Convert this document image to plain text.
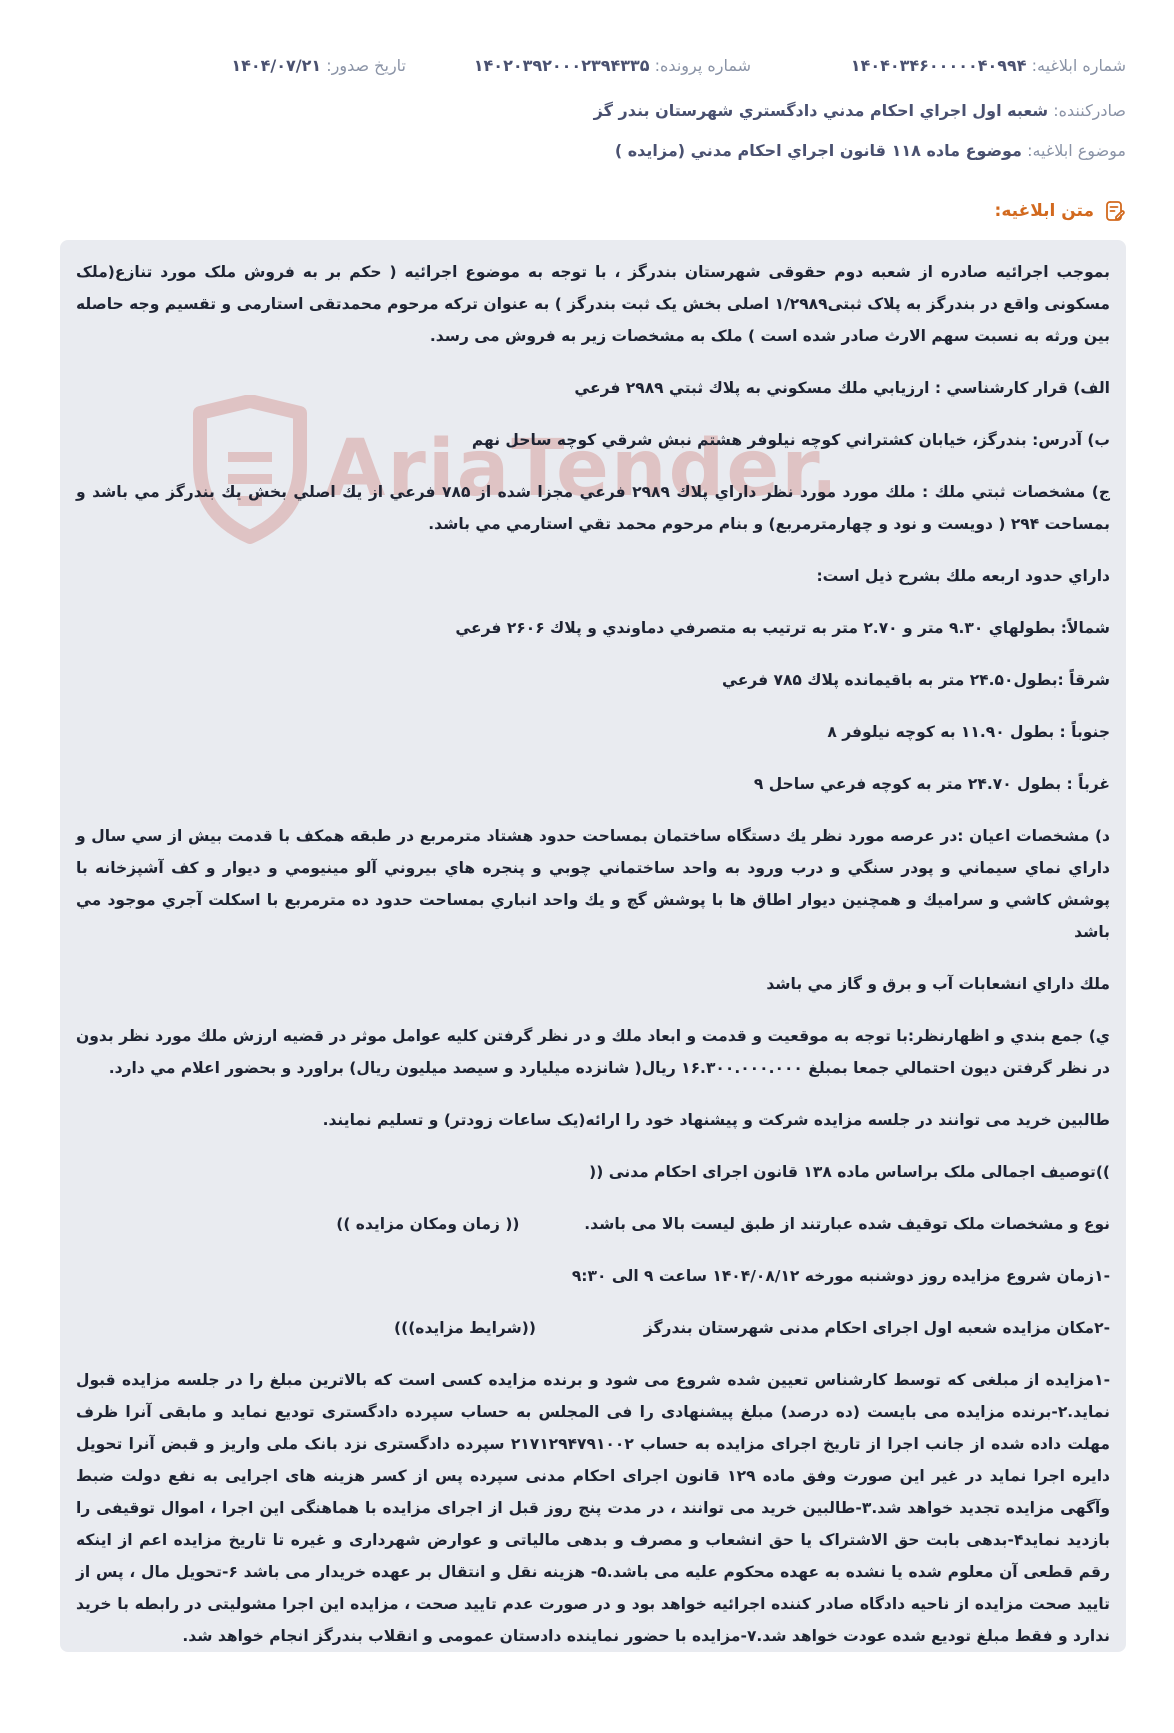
شماره ابلاغيه: ۱۴۰۴۰۳۴۶۰۰۰۰۰۴۰۹۹۴
شماره پرونده: ۱۴۰۲۰۳۹۲۰۰۰۲۳۹۴۳۳۵
تاريخ صدور: ۱۴۰۴/۰۷/۲۱
صادرکننده: شعبه اول اجراي احکام مدني دادگستري شهرستان بندر گز
موضوع ابلاغيه: موضوع ماده ۱۱۸ قانون اجراي احكام مدني (مزايده )
متن ابلاغيه:
AriaTender

بموجب اجرائيه صادره از شعبه دوم حقوقی شهرستان بندرگز ، با توجه به موضوع اجرائيه ( حکم بر به فروش ملک مورد تنازع(ملک مسکونی واقع در بندرگز به پلاک ثبتی۱/۲۹۸۹ اصلی بخش يک ثبت بندرگز ) به عنوان ترکه مرحوم محمدتقی استارمی و تقسيم وجه حاصله بين ورثه به نسبت سهم الارث صادر شده است ) ملک به مشخصات زير به فروش می رسد.

الف) قرار كارشناسي : ارزيابي ملك مسكوني به پلاك ثبتي ۲۹۸۹ فرعي

ب) آدرس: بندرگز، خيابان كشتراني كوچه نيلوفر هشتم نبش شرقي كوچه ساحل نهم

ج) مشخصات ثبتي ملك : ملك مورد مورد نظر داراي پلاك ۲۹۸۹ فرعي مجزا شده از ۷۸۵ فرعي از يك اصلي بخش يك بندرگز مي باشد و بمساحت ۲۹۴ ( دويست و نود و چهارمترمربع) و بنام مرحوم محمد تقي استارمي مي باشد.

داراي حدود اربعه ملك بشرح ذيل است:

شمالاً: بطولهاي ۹.۳۰ متر و ۲.۷۰ متر به ترتيب به متصرفي دماوندي و پلاك ۲۶۰۶ فرعي

شرقاً :بطول۲۴.۵۰ متر به باقيمانده پلاك ۷۸۵ فرعي

جنوباً : بطول ۱۱.۹۰ به كوچه نيلوفر ۸

غرباً : بطول ۲۴.۷۰ متر به كوچه فرعي ساحل ۹

د) مشخصات اعيان :در عرصه مورد نظر يك دستگاه ساختمان بمساحت حدود هشتاد مترمربع در طبقه همكف با قدمت بيش از سي سال و داراي نماي سيماني و پودر سنگي و درب ورود به واحد ساختماني چوبي و پنجره هاي بيروني آلو مينيومي و ديوار و كف آشپزخانه با پوشش كاشي و سراميك و همچنين ديوار اطاق ها با پوشش گچ و يك واحد انباري بمساحت حدود ده مترمربع با اسكلت آجري موجود مي باشد

ملك داراي انشعابات آب و برق و گاز مي باشد

ي) جمع بندي و اظهارنظر:با توجه به موقعيت و قدمت و ابعاد ملك و در نظر گرفتن كليه عوامل موثر در قضيه ارزش ملك مورد نظر بدون در نظر گرفتن ديون احتمالي جمعا بمبلغ ۱۶.۳۰۰.۰۰۰.۰۰۰ ريال( شانزده ميليارد و سيصد ميليون ريال) براورد و بحضور اعلام مي دارد.

طالبين خريد می توانند در جلسه مزايده شرکت و پيشنهاد خود را ارائه(يک ساعات زودتر) و تسليم نمايند.

))توصيف اجمالی ملک براساس ماده ۱۳۸ قانون اجرای احکام مدنی ((

نوع و مشخصات ملک توقيف شده عبارتند از طبق ليست بالا می باشد.            (( زمان ومکان مزايده ))

-۱زمان شروع مزايده روز دوشنبه مورخه ۱۴۰۴/۰۸/۱۲ ساعت ۹ الی ۹:۳۰

-۲مکان مزايده شعبه اول اجرای احکام مدنی شهرستان بندرگز                    ((شرايط مزايده)))

-۱مزايده از مبلغی که توسط کارشناس تعيين شده شروع می شود و برنده مزايده کسی است که بالاترين مبلغ را در جلسه مزايده قبول نمايد.۲-برنده مزايده می بايست (ده درصد) مبلغ پيشنهادی را فی المجلس به حساب سپرده دادگستری توديع نمايد و مابقی آنرا ظرف مهلت داده شده از جانب اجرا از تاريخ اجرای مزايده به حساب ۲۱۷۱۲۹۴۷۹۱۰۰۲ سپرده دادگستری نزد بانک ملی واريز و قبض آنرا تحويل دايره اجرا نمايد در غير اين صورت وفق ماده ۱۲۹ قانون اجرای احکام مدنی سپرده پس از کسر هزينه های اجرايی به نفع دولت ضبط وآگهی مزايده تجديد خواهد شد.۳-طالبين خريد می توانند ، در مدت پنج روز قبل از اجرای مزايده با هماهنگی اين اجرا ، اموال توقيفی را بازديد نمايد۴-بدهی بابت حق الاشتراک يا حق انشعاب و مصرف و بدهی مالياتی و عوارض شهرداری و غيره تا تاريخ مزايده اعم از اينکه رقم قطعی آن معلوم شده يا نشده به عهده محکوم عليه می باشد.۵- هزينه نقل و انتقال بر عهده خريدار می باشد ۶-تحويل مال ، پس از تاييد صحت مزايده از ناحيه دادگاه صادر کننده اجرائيه خواهد بود و در صورت عدم تاييد صحت ، مزايده اين اجرا مشوليتی در رابطه با خريد ندارد و فقط مبلغ توديع شده عودت خواهد شد.۷-مزايده با حضور نماينده دادستان عمومی و انقلاب بندرگز انجام خواهد شد.
